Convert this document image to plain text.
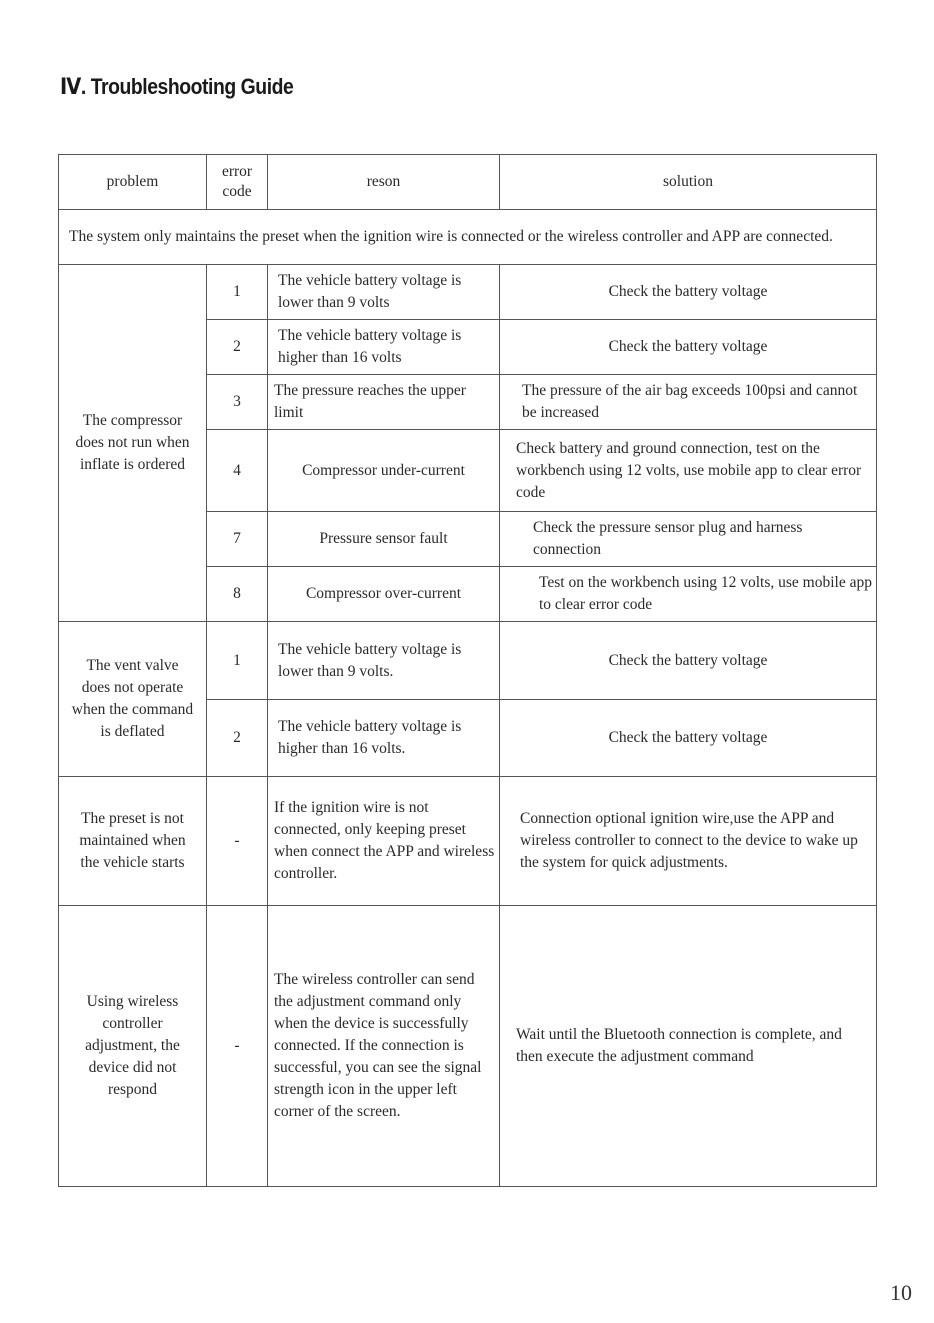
Ⅳ. Troubleshooting Guide
problem	error code	reson	solution
The system only maintains the preset when the ignition wire is connected or the wireless controller and APP are connected.			
The compressor does not run when inflate is ordered	1	The vehicle battery voltage is lower than 9 volts	Check the battery voltage
	2	The vehicle battery voltage is higher than 16 volts	Check the battery voltage
	3	The pressure reaches the upper limit	The pressure of the air bag exceeds 100psi and cannot be increased
	4	Compressor under-current	Check battery and ground connection, test on the workbench using 12 volts, use mobile app to clear error code
	7	Pressure sensor fault	Check the pressure sensor plug and harness connection
	8	Compressor over-current	Test on the workbench using 12 volts, use mobile app to clear error code
The vent valve does not operate when the command is deflated	1	The vehicle battery voltage is lower than 9 volts.	Check the battery voltage
	2	The vehicle battery voltage is higher than 16 volts.	Check the battery voltage
The preset is not maintained when the vehicle starts	-	If the ignition wire is not connected, only keeping preset when connect the APP and wireless controller.	Connection optional ignition wire,use the APP and wireless controller to connect to the device to wake up the system for quick adjustments.
Using wireless controller adjustment, the device did not respond	-	The wireless controller can send the adjustment command only when the device is successfully connected. If the connection is successful, you can see the signal strength icon in the upper left corner of the screen.	Wait until the Bluetooth connection is complete, and then execute the adjustment command
10
